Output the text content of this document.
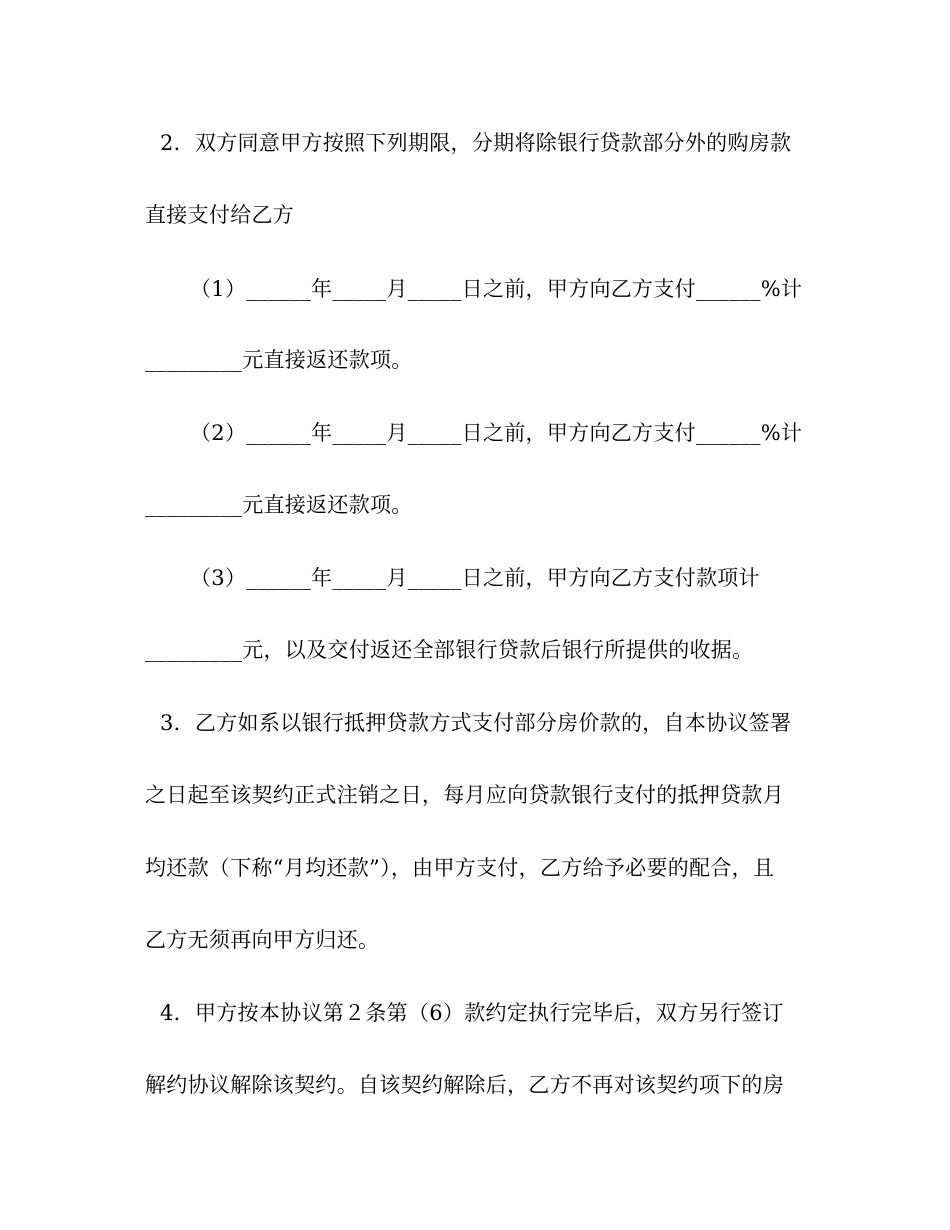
2．双方同意甲方按照下列期限，分期将除银行贷款部分外的购房款
直接支付给乙方
（1）______年_____月_____日之前，甲方向乙方支付______%计
_________元直接返还款项。
（2）______年_____月_____日之前，甲方向乙方支付______%计
_________元直接返还款项。
（3）______年_____月_____日之前，甲方向乙方支付款项计
_________元，以及交付返还全部银行贷款后银行所提供的收据。
3．乙方如系以银行抵押贷款方式支付部分房价款的，自本协议签署
之日起至该契约正式注销之日，每月应向贷款银行支付的抵押贷款月
均还款（下称“月均还款”），由甲方支付，乙方给予必要的配合，且
乙方无须再向甲方归还。
4．甲方按本协议第２条第（6）款约定执行完毕后，双方另行签订
解约协议解除该契约。自该契约解除后，乙方不再对该契约项下的房
